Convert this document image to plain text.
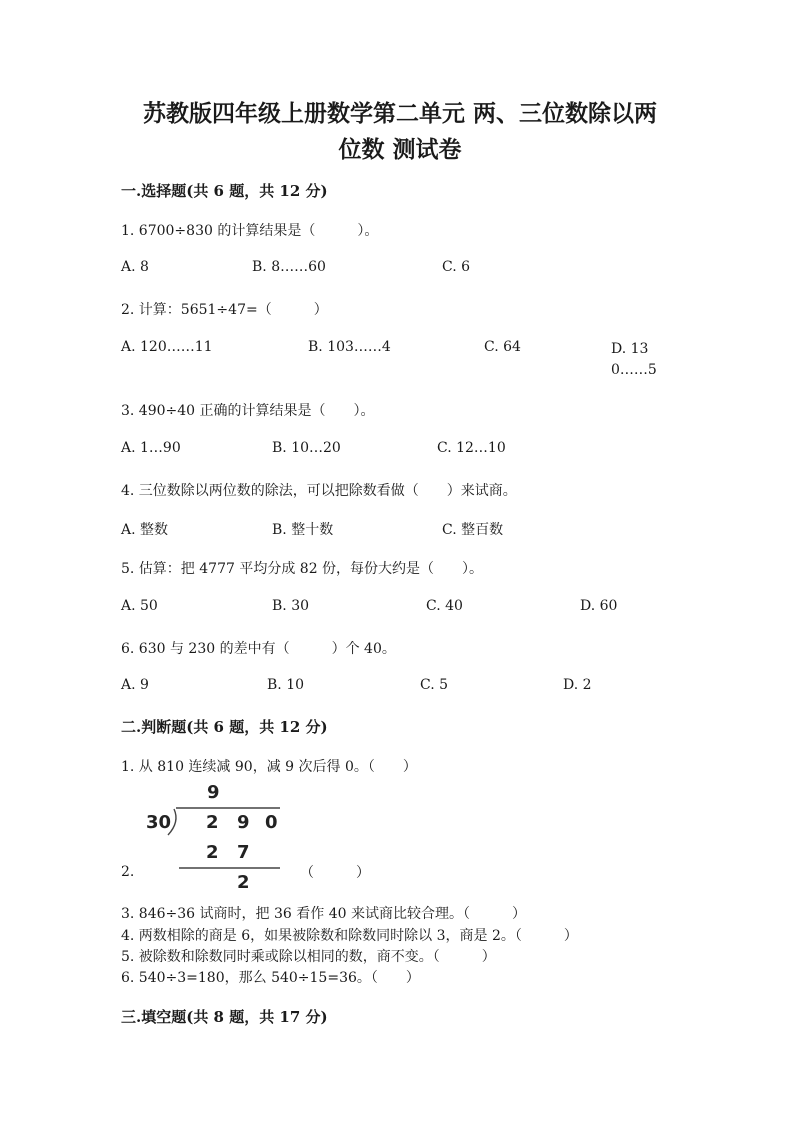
苏教版四年级上册数学第二单元 两、三位数除以两
位数 测试卷
一.选择题(共 6 题，共 12 分)
1. 6700÷830 的计算结果是（　　　）。
A. 8	B. 8……60	C. 6
2. 计算：5651÷47=（　　　）
A. 120……11	B. 103……4	C. 64	D. 130……5
3. 490÷40 正确的计算结果是（　　）。
A. 1…90	B. 10…20	C. 12…10
4. 三位数除以两位数的除法，可以把除数看做（　　）来试商。
A. 整数	B. 整十数	C. 整百数
5. 估算：把 4777 平均分成 82 份，每份大约是（　　）。
A. 50	B. 30	C. 40	D. 60
6. 630 与 230 的差中有（　　　）个 40。
A. 9	B. 10	C. 5	D. 2
二.判断题(共 6 题，共 12 分)
1. 从 810 连续减 90，减 9 次后得 0。（　　）
9
30 2 9 0
2 7
2
2.	（　　　）
3. 846÷36 试商时，把 36 看作 40 来试商比较合理。（　　　）
4. 两数相除的商是 6，如果被除数和除数同时除以 3，商是 2。（　　　）
5. 被除数和除数同时乘或除以相同的数，商不变。（　　　）
6. 540÷3=180，那么 540÷15=36。（　　）
三.填空题(共 8 题，共 17 分)
